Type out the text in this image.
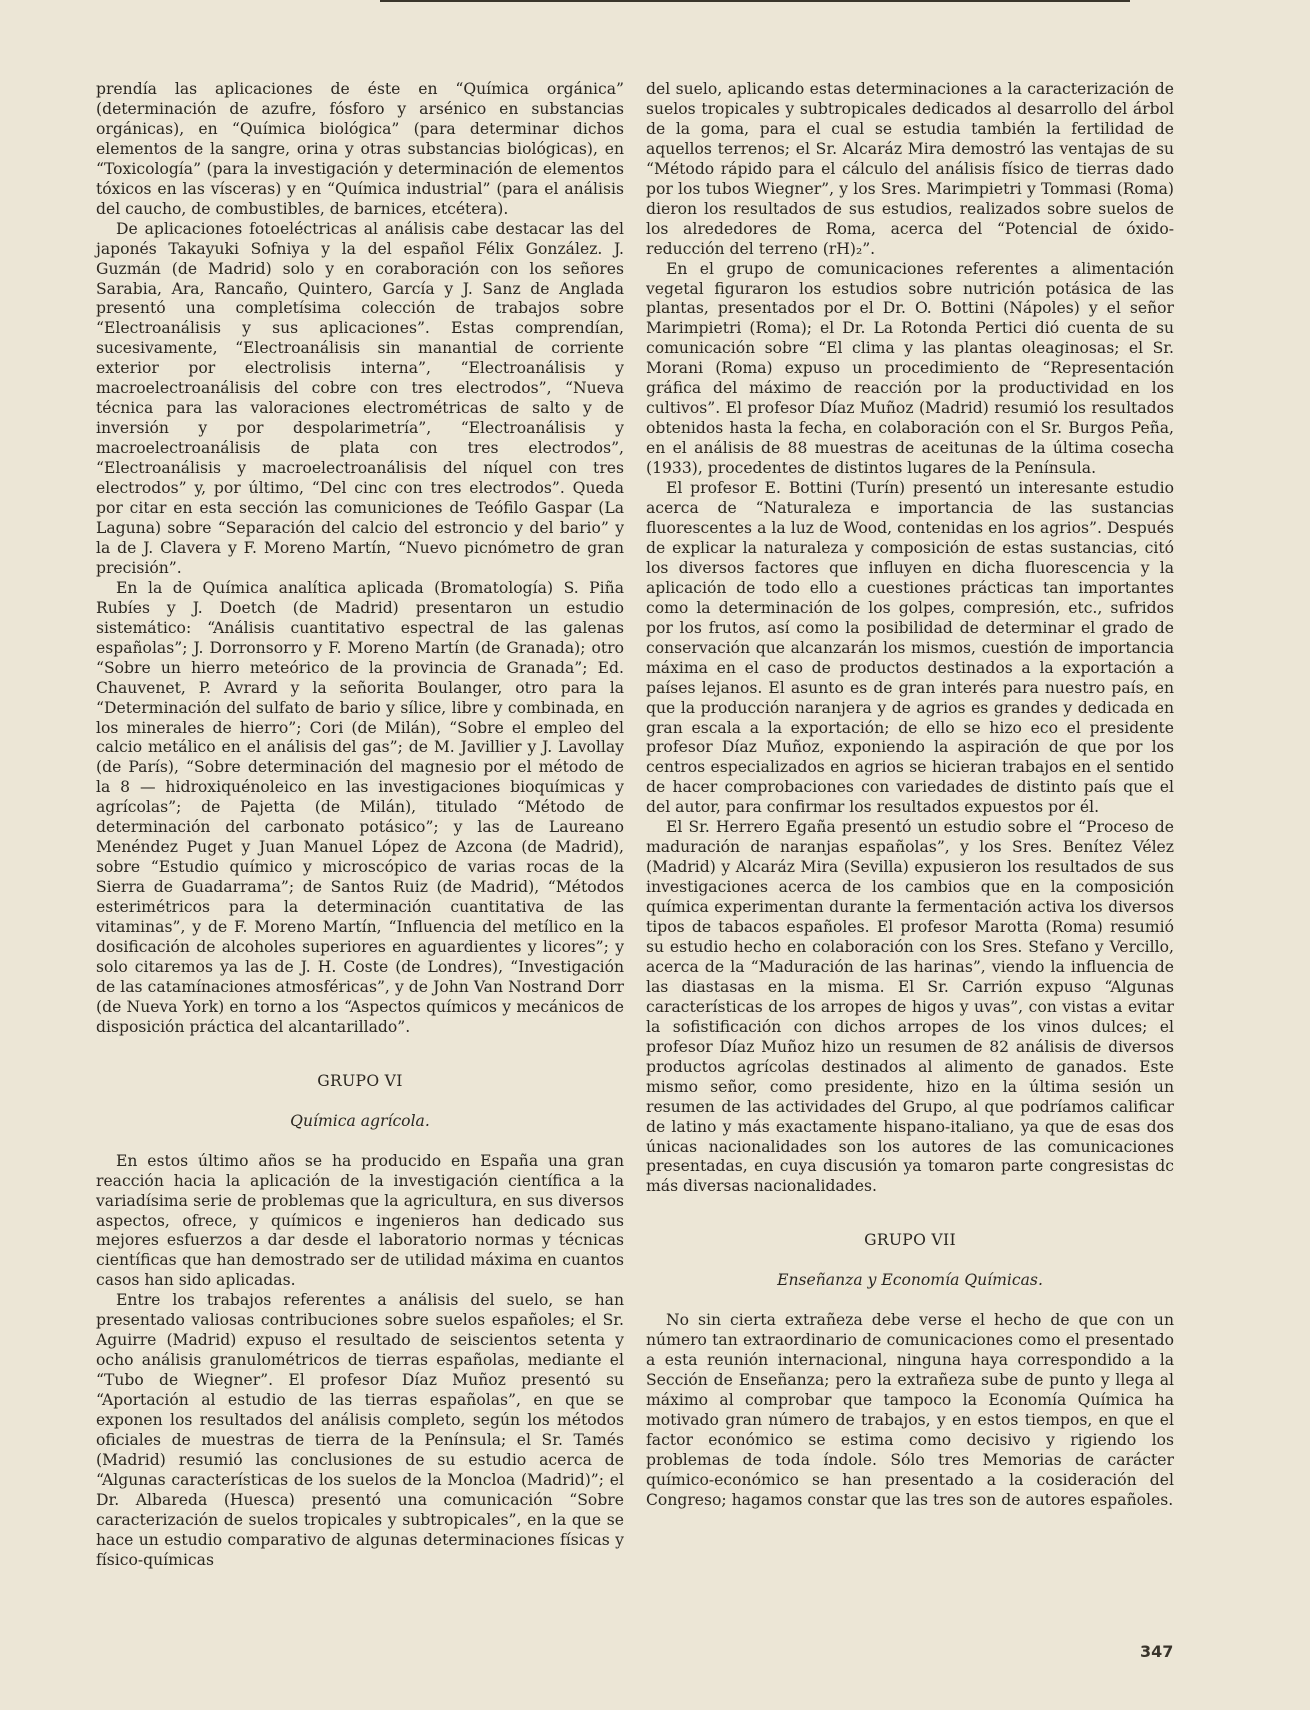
prendía las aplicaciones de éste en “Química orgánica” (determinación de azufre, fósforo y arsénico en substancias orgánicas), en “Química biológica” (para determinar dichos elementos de la sangre, orina y otras substancias biológicas), en “Toxicología” (para la investigación y determinación de elementos tóxicos en las vísceras) y en “Química industrial” (para el análisis del caucho, de combustibles, de barnices, etcétera).

De aplicaciones fotoeléctricas al análisis cabe destacar las del japonés Takayuki Sofniya y la del español Félix González. J. Guzmán (de Madrid) solo y en coraboración con los señores Sarabia, Ara, Rancaño, Quintero, García y J. Sanz de Anglada presentó una completísima colección de trabajos sobre “Electroanálisis y sus aplicaciones”. Estas comprendían, sucesivamente, “Electroanálisis sin manantial de corriente exterior por electrolisis interna”, “Electroanálisis y macroelectroanálisis del cobre con tres electrodos”, “Nueva técnica para las valoraciones electrométricas de salto y de inversión y por despolarimetría”, “Electroanálisis y macroelectroanálisis de plata con tres electrodos”, “Electroanálisis y macroelectroanálisis del níquel con tres electrodos” y, por último, “Del cinc con tres electrodos”. Queda por citar en esta sección las comuniciones de Teófilo Gaspar (La Laguna) sobre “Separación del calcio del estroncio y del bario” y la de J. Clavera y F. Moreno Martín, “Nuevo picnómetro de gran precisión”.

En la de Química analítica aplicada (Bromatología) S. Piña Rubíes y J. Doetch (de Madrid) presentaron un estudio sistemático: “Análisis cuantitativo espectral de las galenas españolas”; J. Dorronsorro y F. Moreno Martín (de Granada); otro “Sobre un hierro meteórico de la provincia de Granada”; Ed. Chauvenet, P. Avrard y la señorita Boulanger, otro para la “Determinación del sulfato de bario y sílice, libre y combinada, en los minerales de hierro”; Cori (de Milán), “Sobre el empleo del calcio metálico en el análisis del gas”; de M. Javillier y J. Lavollay (de París), “Sobre determinación del magnesio por el método de la 8 — hidroxiquénoleico en las investigaciones bioquímicas y agrícolas”; de Pajetta (de Milán), titulado “Método de determinación del carbonato potásico”; y las de Laureano Menéndez Puget y Juan Manuel López de Azcona (de Madrid), sobre “Estudio químico y microscópico de varias rocas de la Sierra de Guadarrama”; de Santos Ruiz (de Madrid), “Métodos esterimétricos para la determinación cuantitativa de las vitaminas”, y de F. Moreno Martín, “Influencia del metílico en la dosificación de alcoholes superiores en aguardientes y licores”; y solo citaremos ya las de J. H. Coste (de Londres), “Investigación de las catamínaciones atmosféricas”, y de John Van Nostrand Dorr (de Nueva York) en torno a los “Aspectos químicos y mecánicos de disposición práctica del alcantarillado”.

GRUPO VI

Química agrícola.

En estos último años se ha producido en España una gran reacción hacia la aplicación de la investigación científica a la variadísima serie de problemas que la agricultura, en sus diversos aspectos, ofrece, y químicos e ingenieros han dedicado sus mejores esfuerzos a dar desde el laboratorio normas y técnicas científicas que han demostrado ser de utilidad máxima en cuantos casos han sido aplicadas.

Entre los trabajos referentes a análisis del suelo, se han presentado valiosas contribuciones sobre suelos españoles; el Sr. Aguirre (Madrid) expuso el resultado de seiscientos setenta y ocho análisis granulométricos de tierras españolas, mediante el “Tubo de Wiegner”. El profesor Díaz Muñoz presentó su “Aportación al estudio de las tierras españolas”, en que se exponen los resultados del análisis completo, según los métodos oficiales de muestras de tierra de la Península; el Sr. Tamés (Madrid) resumió las conclusiones de su estudio acerca de “Algunas características de los suelos de la Moncloa (Madrid)”; el Dr. Albareda (Huesca) presentó una comunicación “Sobre caracterización de suelos tropicales y subtropicales”, en la que se hace un estudio comparativo de algunas determinaciones físicas y físico-químicas

del suelo, aplicando estas determinaciones a la caracterización de suelos tropicales y subtropicales dedicados al desarrollo del árbol de la goma, para el cual se estudia también la fertilidad de aquellos terrenos; el Sr. Alcaráz Mira demostró las ventajas de su “Método rápido para el cálculo del análisis físico de tierras dado por los tubos Wiegner”, y los Sres. Marimpietri y Tommasi (Roma) dieron los resultados de sus estudios, realizados sobre suelos de los alrededores de Roma, acerca del “Potencial de óxido-reducción del terreno (rH)₂”.

En el grupo de comunicaciones referentes a alimentación vegetal figuraron los estudios sobre nutrición potásica de las plantas, presentados por el Dr. O. Bottini (Nápoles) y el señor Marimpietri (Roma); el Dr. La Rotonda Pertici dió cuenta de su comunicación sobre “El clima y las plantas oleaginosas; el Sr. Morani (Roma) expuso un procedimiento de “Representación gráfica del máximo de reacción por la productividad en los cultivos”. El profesor Díaz Muñoz (Madrid) resumió los resultados obtenidos hasta la fecha, en colaboración con el Sr. Burgos Peña, en el análisis de 88 muestras de aceitunas de la última cosecha (1933), procedentes de distintos lugares de la Península.

El profesor E. Bottini (Turín) presentó un interesante estudio acerca de “Naturaleza e importancia de las sustancias fluorescentes a la luz de Wood, contenidas en los agrios”. Después de explicar la naturaleza y composición de estas sustancias, citó los diversos factores que influyen en dicha fluorescencia y la aplicación de todo ello a cuestiones prácticas tan importantes como la determinación de los golpes, compresión, etc., sufridos por los frutos, así como la posibilidad de determinar el grado de conservación que alcanzarán los mismos, cuestión de importancia máxima en el caso de productos destinados a la exportación a países lejanos. El asunto es de gran interés para nuestro país, en que la producción naranjera y de agrios es grandes y dedicada en gran escala a la exportación; de ello se hizo eco el presidente profesor Díaz Muñoz, exponiendo la aspiración de que por los centros especializados en agrios se hicieran trabajos en el sentido de hacer comprobaciones con variedades de distinto país que el del autor, para confirmar los resultados expuestos por él.

El Sr. Herrero Egaña presentó un estudio sobre el “Proceso de maduración de naranjas españolas”, y los Sres. Benítez Vélez (Madrid) y Alcaráz Mira (Sevilla) expusieron los resultados de sus investigaciones acerca de los cambios que en la composición química experimentan durante la fermentación activa los diversos tipos de tabacos españoles. El profesor Marotta (Roma) resumió su estudio hecho en colaboración con los Sres. Stefano y Vercillo, acerca de la “Maduración de las harinas”, viendo la influencia de las diastasas en la misma. El Sr. Carrión expuso “Algunas características de los arropes de higos y uvas”, con vistas a evitar la sofistificación con dichos arropes de los vinos dulces; el profesor Díaz Muñoz hizo un resumen de 82 análisis de diversos productos agrícolas destinados al alimento de ganados. Este mismo señor, como presidente, hizo en la última sesión un resumen de las actividades del Grupo, al que podríamos calificar de latino y más exactamente hispano-italiano, ya que de esas dos únicas nacionalidades son los autores de las comunicaciones presentadas, en cuya discusión ya tomaron parte congresistas dc más diversas nacionalidades.

GRUPO VII

Enseñanza y Economía Químicas.

No sin cierta extrañeza debe verse el hecho de que con un número tan extraordinario de comunicaciones como el presentado a esta reunión internacional, ninguna haya correspondido a la Sección de Enseñanza; pero la extrañeza sube de punto y llega al máximo al comprobar que tampoco la Economía Química ha motivado gran número de trabajos, y en estos tiempos, en que el factor económico se estima como decisivo y rigiendo los problemas de toda índole. Sólo tres Memorias de carácter químico-económico se han presentado a la cosideración del Congreso; hagamos constar que las tres son de autores españoles.

347
